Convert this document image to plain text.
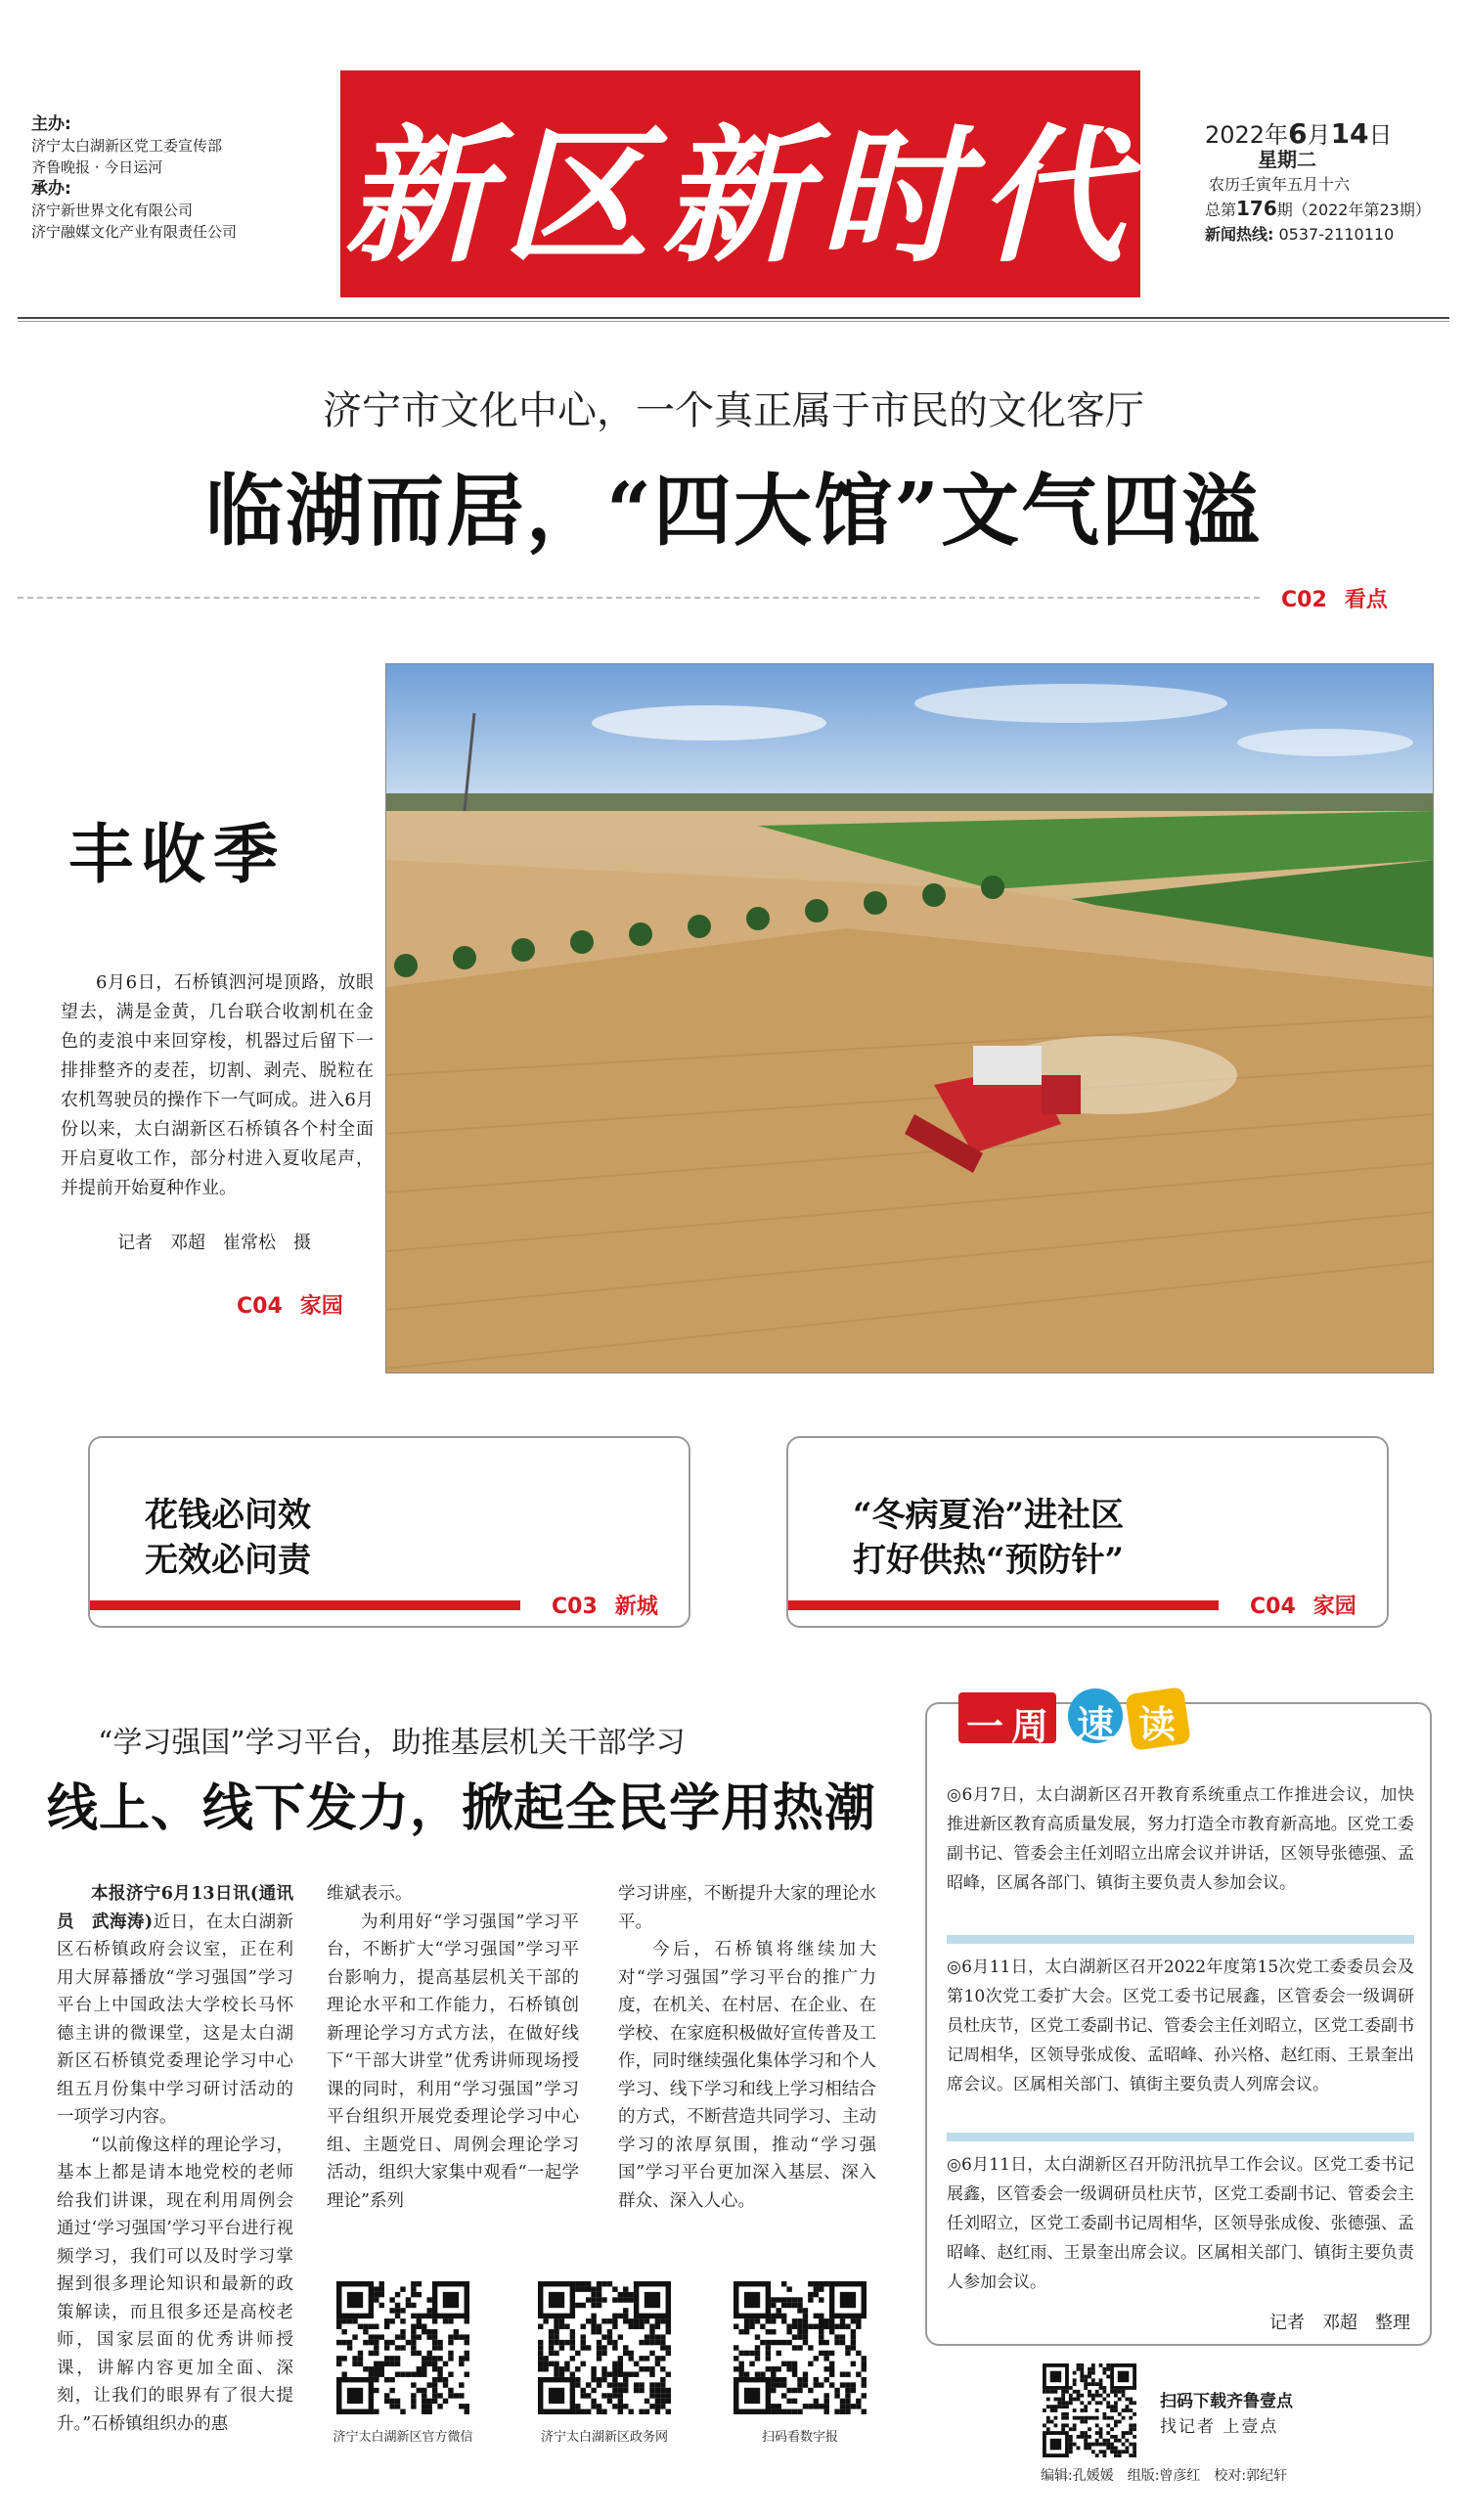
主办:
济宁太白湖新区党工委宣传部
齐鲁晚报 · 今日运河
承办:
济宁新世界文化有限公司
济宁融媒文化产业有限责任公司 新区新时代	2022年6月14日
星期二
农历壬寅年五月十六
总第176期（2022年第23期）
新闻热线: 0537-2110110
济宁市文化中心，一个真正属于市民的文化客厅
临湖而居，“四大馆”文气四溢
C02 看点
丰收季
6月6日，石桥镇泗河堤顶路，放眼望去，满是金黄，几台联合收割机在金色的麦浪中来回穿梭，机器过后留下一排排整齐的麦茬，切割、剥壳、脱粒在农机驾驶员的操作下一气呵成。进入6月份以来，太白湖新区石桥镇各个村全面开启夏收工作，部分村进入夏收尾声，并提前开始夏种作业。
记者　邓超　崔常松　摄
C04 家园
花钱必问效
无效必问责
C03 新城
“冬病夏治”进社区
打好供热“预防针”
C04 家园
“学习强国”学习平台，助推基层机关干部学习
线上、线下发力，掀起全民学用热潮

本报济宁6月13日讯(通讯员　武海涛)近日，在太白湖新区石桥镇政府会议室，正在利用大屏幕播放“学习强国”学习平台上中国政法大学校长马怀德主讲的微课堂，这是太白湖新区石桥镇党委理论学习中心组五月份集中学习研讨活动的一项学习内容。

“以前像这样的理论学习，基本上都是请本地党校的老师给我们讲课，现在利用周例会通过‘学习强国’学习平台进行视频学习，我们可以及时学习掌握到很多理论知识和最新的政策解读，而且很多还是高校老师，国家层面的优秀讲师授课，讲解内容更加全面、深刻，让我们的眼界有了很大提升。”石桥镇组织办的惠

维斌表示。

为利用好“学习强国”学习平台，不断扩大“学习强国”学习平台影响力，提高基层机关干部的理论水平和工作能力，石桥镇创新理论学习方式方法，在做好线下“干部大讲堂”优秀讲师现场授课的同时，利用“学习强国”学习平台组织开展党委理论学习中心组、主题党日、周例会理论学习活动，组织大家集中观看“一起学理论”系列

学习讲座，不断提升大家的理论水平。

今后，石桥镇将继续加大对“学习强国”学习平台的推广力度，在机关、在村居、在企业、在学校、在家庭积极做好宣传普及工作，同时继续强化集体学习和个人学习、线下学习和线上学习相结合的方式，不断营造共同学习、主动学习的浓厚氛围，推动“学习强国”学习平台更加深入基层、深入群众、深入人心。

济宁太白湖新区官方微信	济宁太白湖新区政务网	扫码看数字报
◎6月7日，太白湖新区召开教育系统重点工作推进会议，加快推进新区教育高质量发展，努力打造全市教育新高地。区党工委副书记、管委会主任刘昭立出席会议并讲话，区领导张德强、孟昭峰，区属各部门、镇街主要负责人参加会议。
◎6月11日，太白湖新区召开2022年度第15次党工委委员会及第10次党工委扩大会。区党工委书记展鑫，区管委会一级调研员杜庆节，区党工委副书记、管委会主任刘昭立，区党工委副书记周相华，区领导张成俊、孟昭峰、孙兴格、赵红雨、王景奎出席会议。区属相关部门、镇街主要负责人列席会议。
◎6月11日，太白湖新区召开防汛抗旱工作会议。区党工委书记展鑫，区管委会一级调研员杜庆节，区党工委副书记、管委会主任刘昭立，区党工委副书记周相华，区领导张成俊、张德强、孟昭峰、赵红雨、王景奎出席会议。区属相关部门、镇街主要负责人参加会议。
记者　邓超　整理
一 周 速 读
扫码下载齐鲁壹点
找记者 上壹点
编辑:孔媛媛　组版:曾彦红　校对:郭纪轩
